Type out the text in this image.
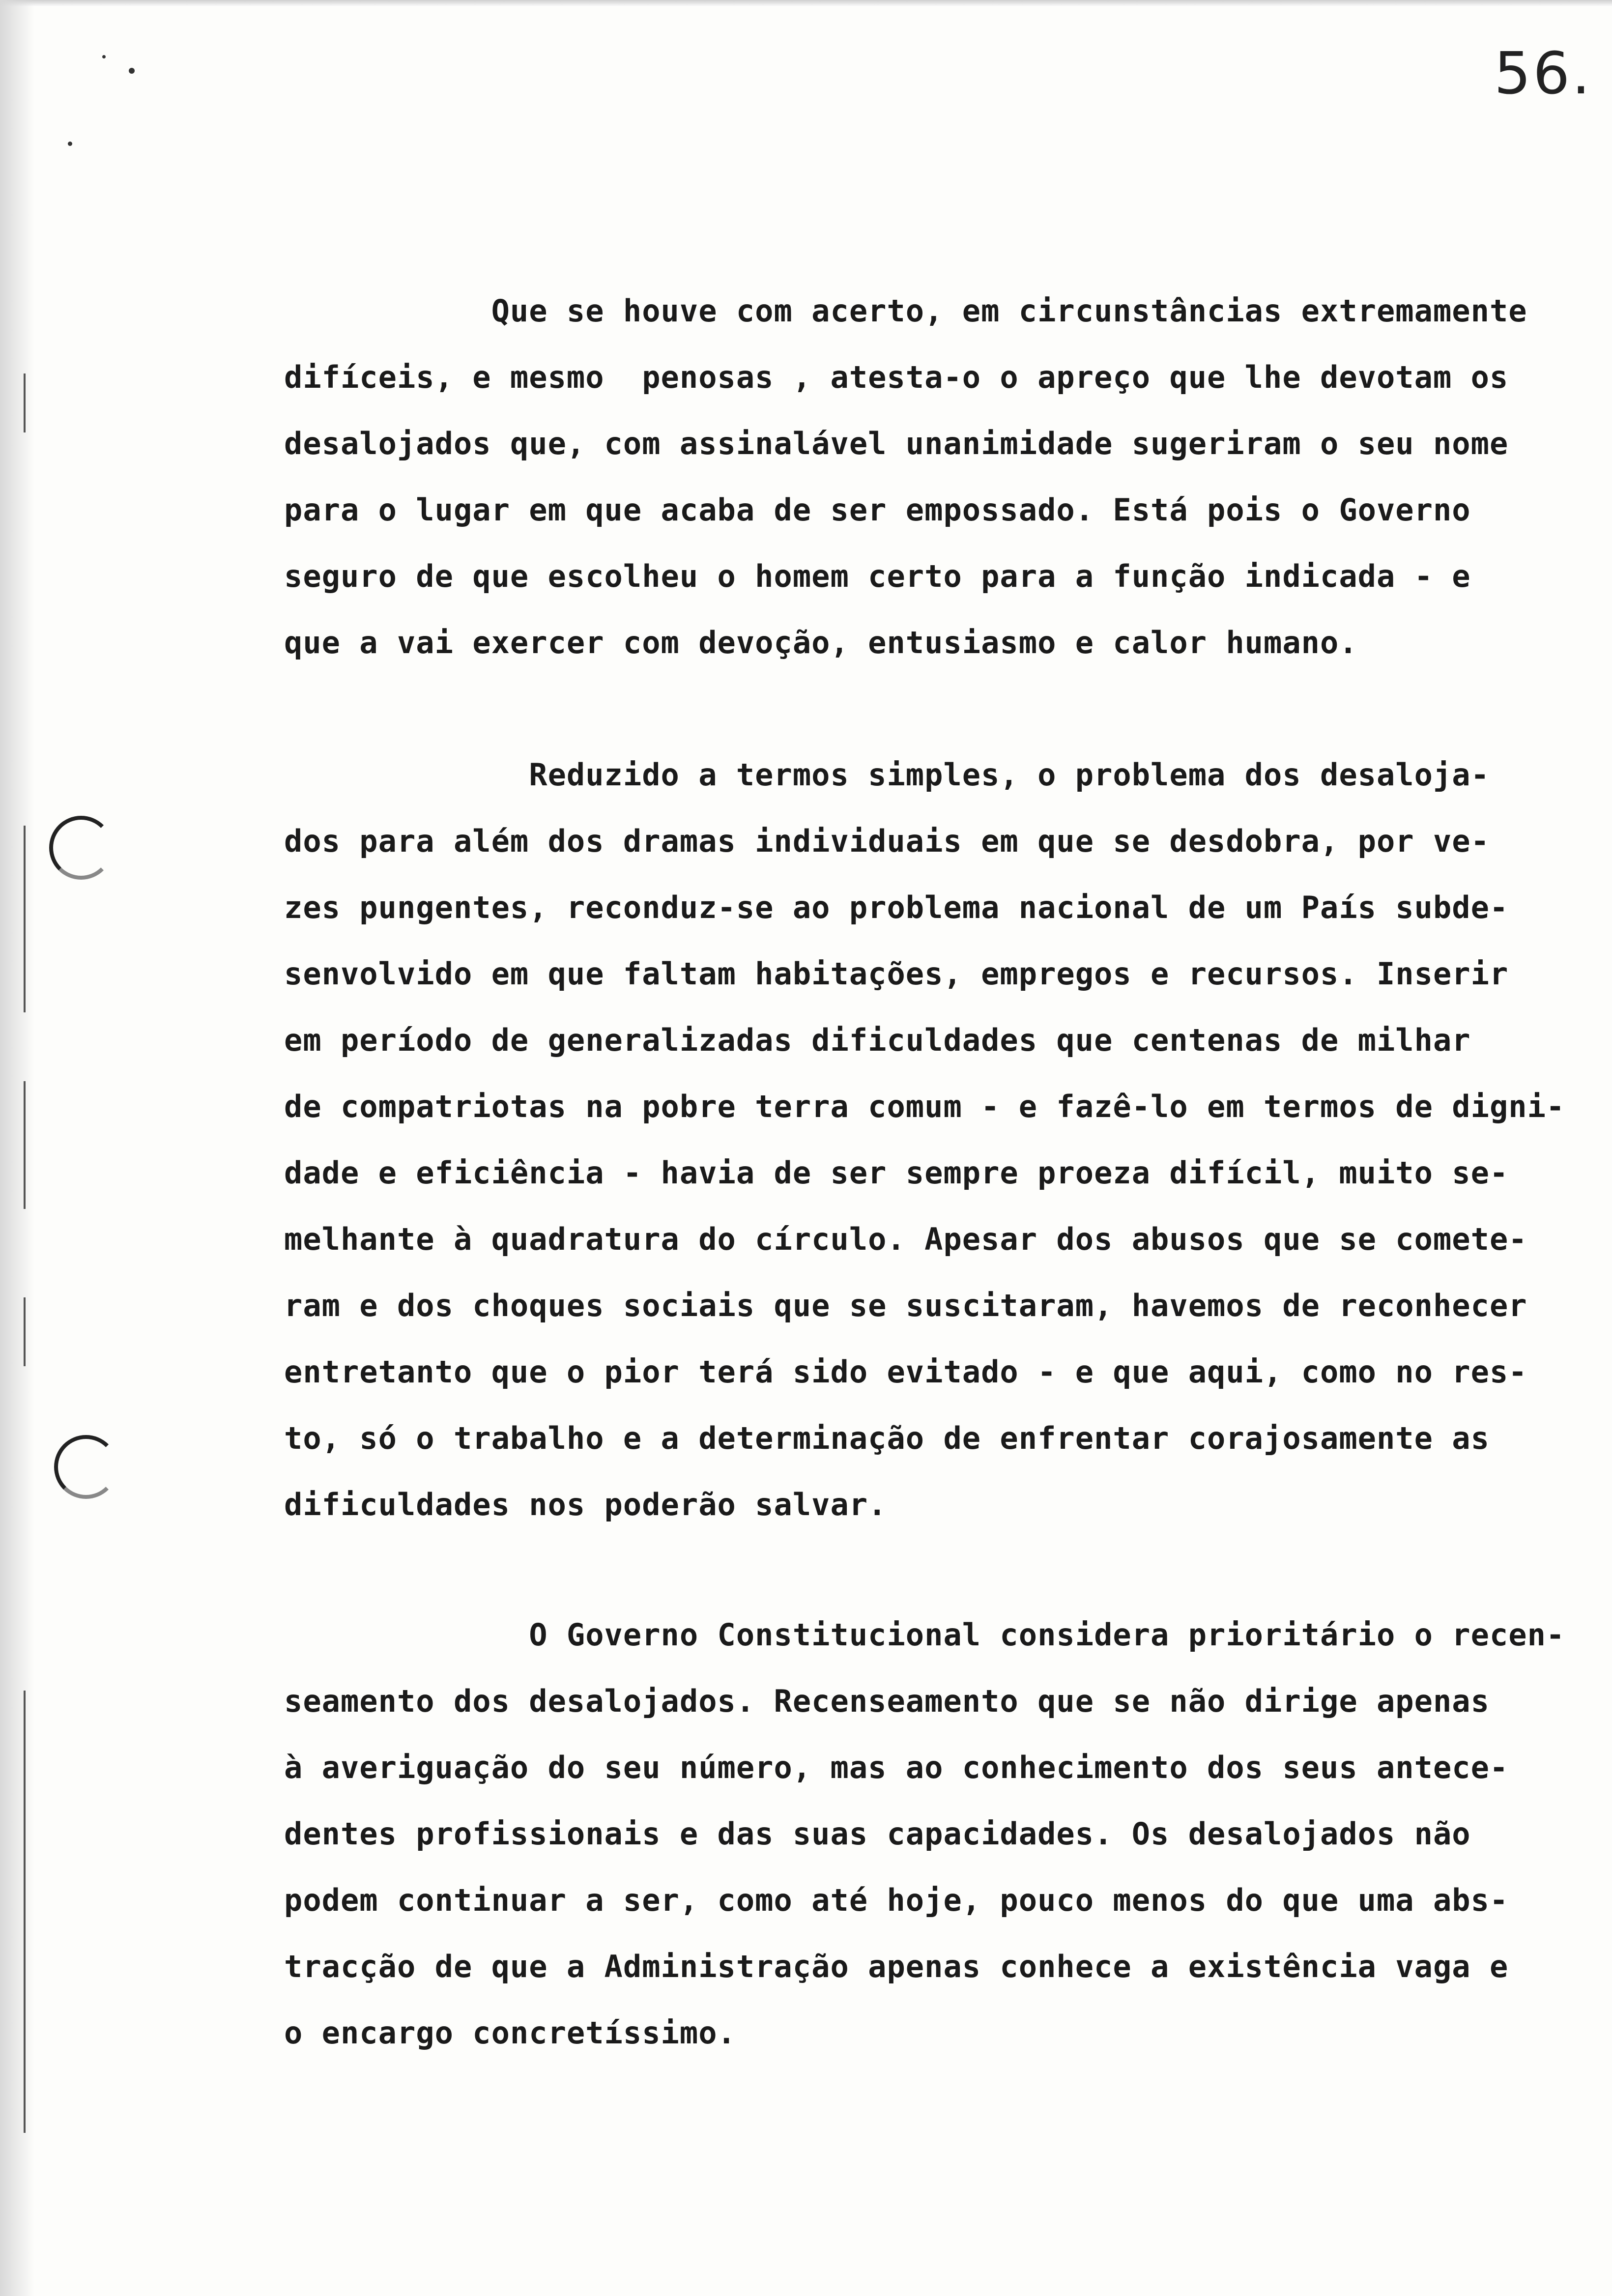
56.
Que se houve com acerto, em circunstâncias extremamente
difíceis, e mesmo  penosas , atesta-o o apreço que lhe devotam os
desalojados que, com assinalável unanimidade sugeriram o seu nome
para o lugar em que acaba de ser empossado. Está pois o Governo
seguro de que escolheu o homem certo para a função indicada - e
que a vai exercer com devoção, entusiasmo e calor humano.
Reduzido a termos simples, o problema dos desaloja-
dos para além dos dramas individuais em que se desdobra, por ve-
zes pungentes, reconduz-se ao problema nacional de um País subde-
senvolvido em que faltam habitações, empregos e recursos. Inserir
em período de generalizadas dificuldades que centenas de milhar
de compatriotas na pobre terra comum - e fazê-lo em termos de digni-
dade e eficiência - havia de ser sempre proeza difícil, muito se-
melhante à quadratura do círculo. Apesar dos abusos que se comete-
ram e dos choques sociais que se suscitaram, havemos de reconhecer
entretanto que o pior terá sido evitado - e que aqui, como no res-
to, só o trabalho e a determinação de enfrentar corajosamente as
dificuldades nos poderão salvar.
O Governo Constitucional considera prioritário o recen-
seamento dos desalojados. Recenseamento que se não dirige apenas
à averiguação do seu número, mas ao conhecimento dos seus antece-
dentes profissionais e das suas capacidades. Os desalojados não
podem continuar a ser, como até hoje, pouco menos do que uma abs-
tracção de que a Administração apenas conhece a existência vaga e
o encargo concretíssimo.
